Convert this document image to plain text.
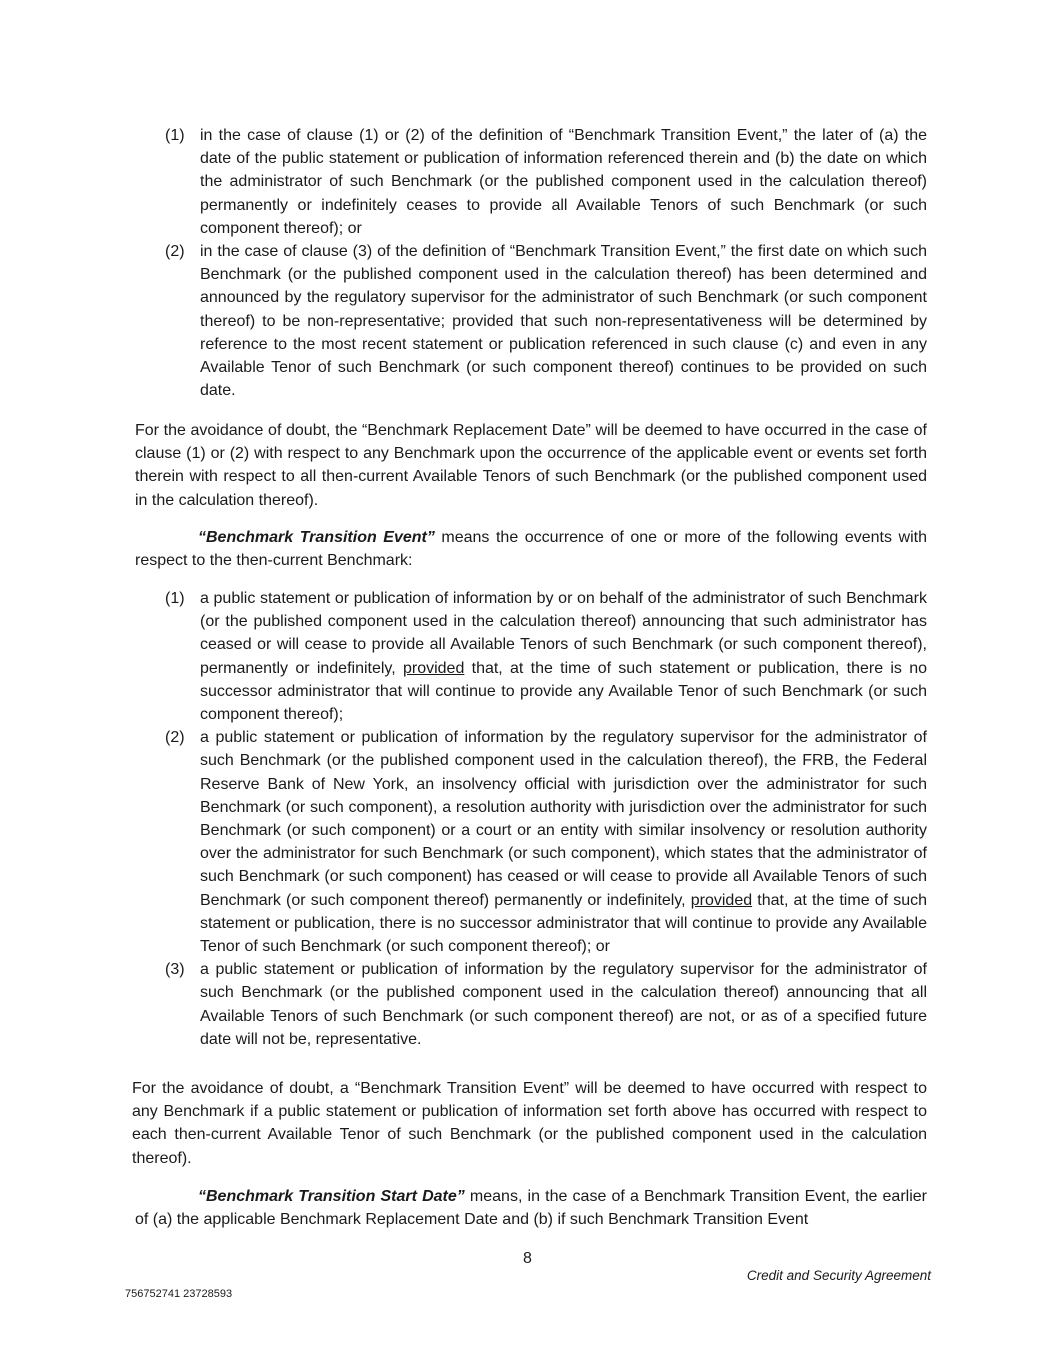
(1) in the case of clause (1) or (2) of the definition of “Benchmark Transition Event,” the later of (a) the date of the public statement or publication of information referenced therein and (b) the date on which the administrator of such Benchmark (or the published component used in the calculation thereof) permanently or indefinitely ceases to provide all Available Tenors of such Benchmark (or such component thereof); or
(2) in the case of clause (3) of the definition of “Benchmark Transition Event,” the first date on which such Benchmark (or the published component used in the calculation thereof) has been determined and announced by the regulatory supervisor for the administrator of such Benchmark (or such component thereof) to be non-representative; provided that such non-representativeness will be determined by reference to the most recent statement or publication referenced in such clause (c) and even in any Available Tenor of such Benchmark (or such component thereof) continues to be provided on such date.

For the avoidance of doubt, the “Benchmark Replacement Date” will be deemed to have occurred in the case of clause (1) or (2) with respect to any Benchmark upon the occurrence of the applicable event or events set forth therein with respect to all then-current Available Tenors of such Benchmark (or the published component used in the calculation thereof).

“Benchmark Transition Event” means the occurrence of one or more of the following events with respect to the then-current Benchmark:

(1) a public statement or publication of information by or on behalf of the administrator of such Benchmark (or the published component used in the calculation thereof) announcing that such administrator has ceased or will cease to provide all Available Tenors of such Benchmark (or such component thereof), permanently or indefinitely, provided that, at the time of such statement or publication, there is no successor administrator that will continue to provide any Available Tenor of such Benchmark (or such component thereof);
(2) a public statement or publication of information by the regulatory supervisor for the administrator of such Benchmark (or the published component used in the calculation thereof), the FRB, the Federal Reserve Bank of New York, an insolvency official with jurisdiction over the administrator for such Benchmark (or such component), a resolution authority with jurisdiction over the administrator for such Benchmark (or such component) or a court or an entity with similar insolvency or resolution authority over the administrator for such Benchmark (or such component), which states that the administrator of such Benchmark (or such component) has ceased or will cease to provide all Available Tenors of such Benchmark (or such component thereof) permanently or indefinitely, provided that, at the time of such statement or publication, there is no successor administrator that will continue to provide any Available Tenor of such Benchmark (or such component thereof); or
(3) a public statement or publication of information by the regulatory supervisor for the administrator of such Benchmark (or the published component used in the calculation thereof) announcing that all Available Tenors of such Benchmark (or such component thereof) are not, or as of a specified future date will not be, representative.

For the avoidance of doubt, a “Benchmark Transition Event” will be deemed to have occurred with respect to any Benchmark if a public statement or publication of information set forth above has occurred with respect to each then-current Available Tenor of such Benchmark (or the published component used in the calculation thereof).

“Benchmark Transition Start Date” means, in the case of a Benchmark Transition Event, the earlier of (a) the applicable Benchmark Replacement Date and (b) if such Benchmark Transition Event

8
Credit and Security Agreement
756752741 23728593
